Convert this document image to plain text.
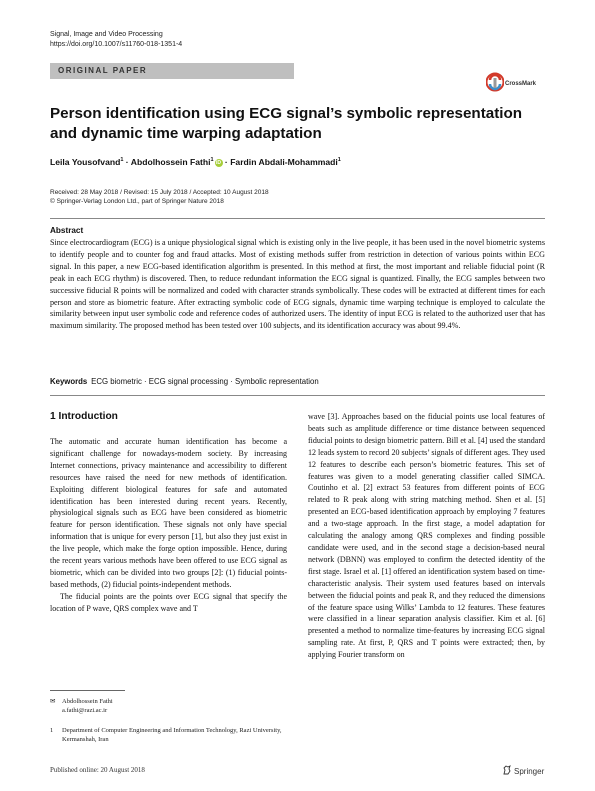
Signal, Image and Video Processing
https://doi.org/10.1007/s11760-018-1351-4
ORIGINAL PAPER
CrossMark
Person identification using ECG signal’s symbolic representation and dynamic time warping adaptation
Leila Yousofvand$^1$ · Abdolhossein Fathi$^1$ iD · Fardin Abdali-Mohammadi$^1$
Received: 28 May 2018 / Revised: 15 July 2018 / Accepted: 10 August 2018
© Springer-Verlag London Ltd., part of Springer Nature 2018
Abstract
Since electrocardiogram (ECG) is a unique physiological signal which is existing only in the live people, it has been used in the novel biometric systems to identify people and to counter fog and fraud attacks. Most of existing methods suffer from restriction in detection of various points within ECG signal. In this paper, a new ECG-based identification algorithm is presented. In this method at first, the most important and reliable fiducial point (R peak in each ECG rhythm) is discovered. Then, to reduce redundant information the ECG signal is quantized. Finally, the ECG samples between two successive fiducial R points will be normalized and coded with character strands symbolically. These codes will be extracted at different times for each person and store as biometric feature. After extracting symbolic code of ECG signals, dynamic time warping technique is employed to calculate the similarity between input user symbolic code and reference codes of authorized users. The identity of input ECG is related to the authorized user that has maximum similarity. The proposed method has been tested over 100 subjects, and its identification accuracy was about 99.4%.
Keywords ECG biometric · ECG signal processing · Symbolic representation
1 Introduction

The automatic and accurate human identification has become a significant challenge for nowadays-modern society. By increasing Internet connections, privacy maintenance and accessibility to different resources have raised the need for new methods of identification. Exploiting different biological features for safe and automated identification has been interested during recent years. Recently, physiological signals such as ECG have been considered as biometric feature for person identification. These signals not only have special information that is unique for every person [1], but also they just exist in the live people, which make the forge option impossible. Hence, during the recent years various methods have been offered to use ECG signal as biometric, which can be divided into two groups [2]: (1) fiducial points-based methods, (2) fiducial points-independent methods.

The fiducial points are the points over ECG signal that specify the location of P wave, QRS complex wave and T

wave [3]. Approaches based on the fiducial points use local features of beats such as amplitude difference or time distance between sequenced fiducial points to design biometric pattern. Bill et al. [4] used the standard 12 leads system to record 20 subjects’ signals of different ages. They used 12 features to describe each person’s biometric features. This set of features was given to a model generating classifier called SIMCA. Coutinho et al. [2] extract 53 features from different points of ECG related to R peak along with string matching method. Shen et al. [5] presented an ECG-based identification approach by employing 7 features and a two-stage approach. In the first stage, a model adaptation for calculating the analogy among QRS complexes and finding possible candidate were used, and in the second stage a decision-based neural network (DBNN) was employed to confirm the detected identity of the first stage. Israel et al. [1] offered an identification system based on time-characteristic analysis. Their system used features based on intervals between the fiducial points and peak R, and they reduced the dimensions of the feature space using Wilks’ Lambda to 12 features. These features were classified in a linear separation analysis classifier. Kim et al. [6] presented a method to normalize time-features by increasing ECG signal sampling rate. At first, P, QRS and T points were extracted; then, by applying Fourier transform on

✉ Abdolhossein Fathi
a.fathi@razi.ac.ir
1	Department of Computer Engineering and Information Technology, Razi University, Kermanshah, Iran
Published online: 20 August 2018	Springer
